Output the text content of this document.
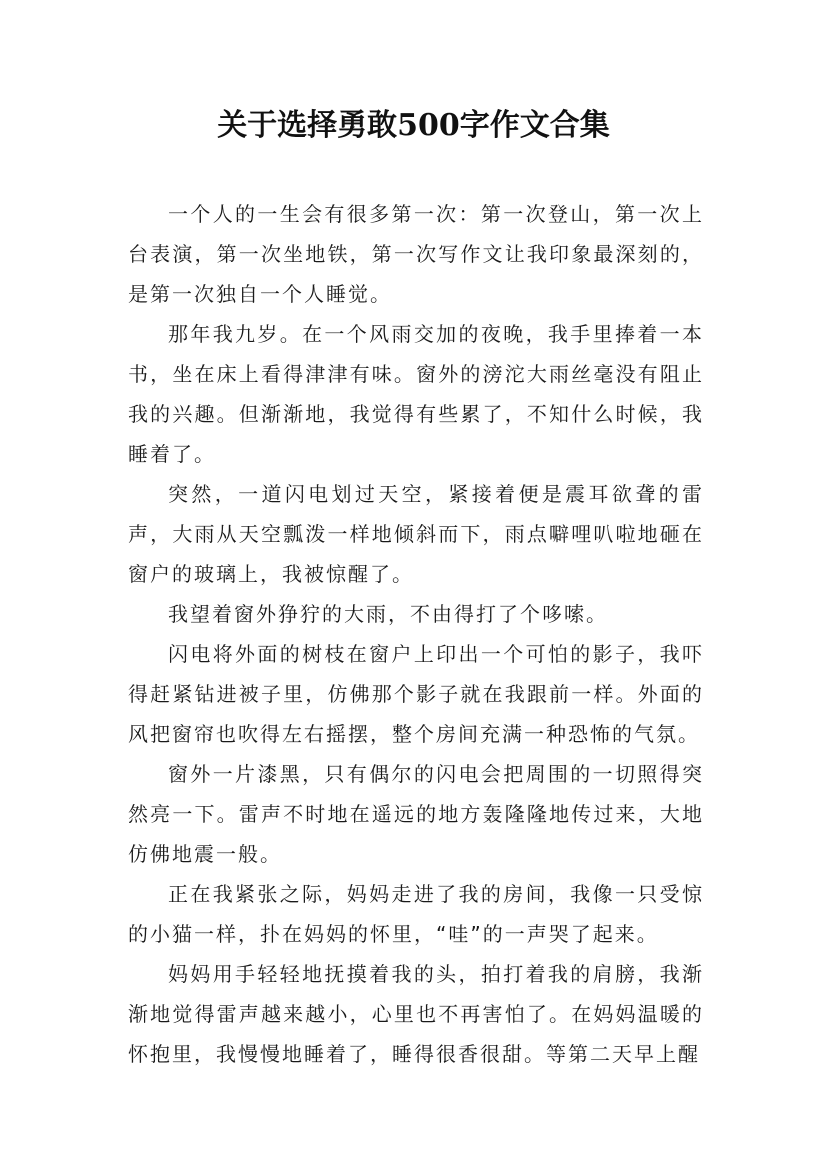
关于选择勇敢500字作文合集

一个人的一生会有很多第一次：第一次登山，第一次上台表演，第一次坐地铁，第一次写作文让我印象最深刻的，是第一次独自一个人睡觉。

那年我九岁。在一个风雨交加的夜晚，我手里捧着一本书，坐在床上看得津津有味。窗外的滂沱大雨丝毫没有阻止我的兴趣。但渐渐地，我觉得有些累了，不知什么时候，我睡着了。

突然，一道闪电划过天空，紧接着便是震耳欲聋的雷声，大雨从天空瓢泼一样地倾斜而下，雨点噼哩叭啦地砸在窗户的玻璃上，我被惊醒了。

我望着窗外狰狞的大雨，不由得打了个哆嗦。

闪电将外面的树枝在窗户上印出一个可怕的影子，我吓得赶紧钻进被子里，仿佛那个影子就在我跟前一样。外面的风把窗帘也吹得左右摇摆，整个房间充满一种恐怖的气氛。

窗外一片漆黑，只有偶尔的闪电会把周围的一切照得突然亮一下。雷声不时地在遥远的地方轰隆隆地传过来，大地仿佛地震一般。

正在我紧张之际，妈妈走进了我的房间，我像一只受惊的小猫一样，扑在妈妈的怀里，“哇”的一声哭了起来。

妈妈用手轻轻地抚摸着我的头，拍打着我的肩膀，我渐渐地觉得雷声越来越小，心里也不再害怕了。在妈妈温暖的怀抱里，我慢慢地睡着了，睡得很香很甜。等第二天早上醒
